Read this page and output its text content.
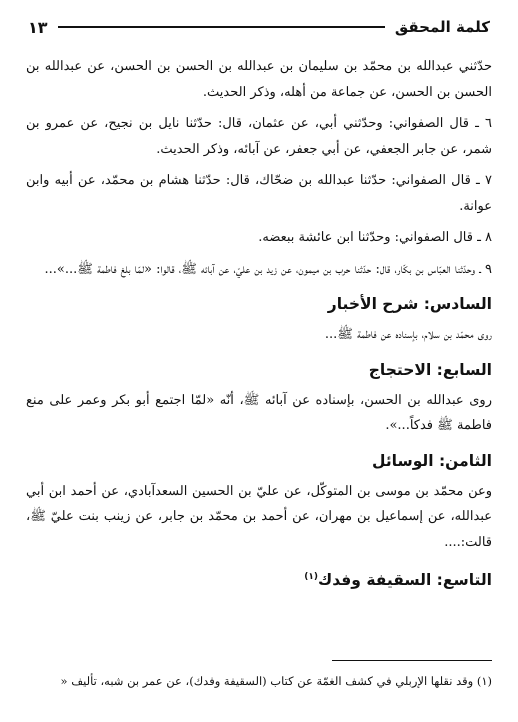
كلمة المحقق
١٣

حدّثني عبدالله بن محمّد بن سليمان بن عبدالله بن الحسن بن الحسن، عن عبدالله بن الحسن بن الحسن، عن جماعة من أهله، وذكر الحديث.

٦ ـ قال الصفواني: وحدّثني أبي، عن عثمان، قال: حدّثنا نايل بن نجيح، عن عمرو بن شمر، عن جابر الجعفي، عن أبي جعفر، عن آبائه، وذكر الحديث.

٧ ـ قال الصفواني: حدّثنا عبدالله بن ضحّاك، قال: حدّثنا هشام بن محمّد، عن أبيه وابن عوانة.

٨ ـ قال الصفواني: وحدّثنا ابن عائشة ببعضه.

٩ ـ وحدّثنا العبّاس بن بكّار، قال: حدّثنا حرب بن ميمون، عن زيد بن عليّ، عن آبائه ﷺ، قالوا: «لمّا بلغ فاطمة ﷺ...»...

السادس: شرح الأخبار

روى محمّد بن سلام، بإسناده عن فاطمة ﷺ...

السابع: الاحتجاج

روى عبدالله بن الحسن، بإسناده عن آبائه ﷺ، أنّه «لمّا اجتمع أبو بكر وعمر على منع فاطمة ﷺ فدكاً...».

الثامن: الوسائل

وعن محمّد بن موسى بن المتوكّل، عن عليّ بن الحسين السعدآبادي، عن أحمد ابن أبي عبدالله، عن إسماعيل بن مهران، عن أحمد بن محمّد بن جابر، عن زينب بنت عليّ ﷺ، قالت:....

التاسع: السقيفة وفدك$^{(١)}$
(١) وقد نقلها الإربلي في كشف الغمّة عن كتاب (السقيفة وفدك)، عن عمر بن شبه، تأليف «
